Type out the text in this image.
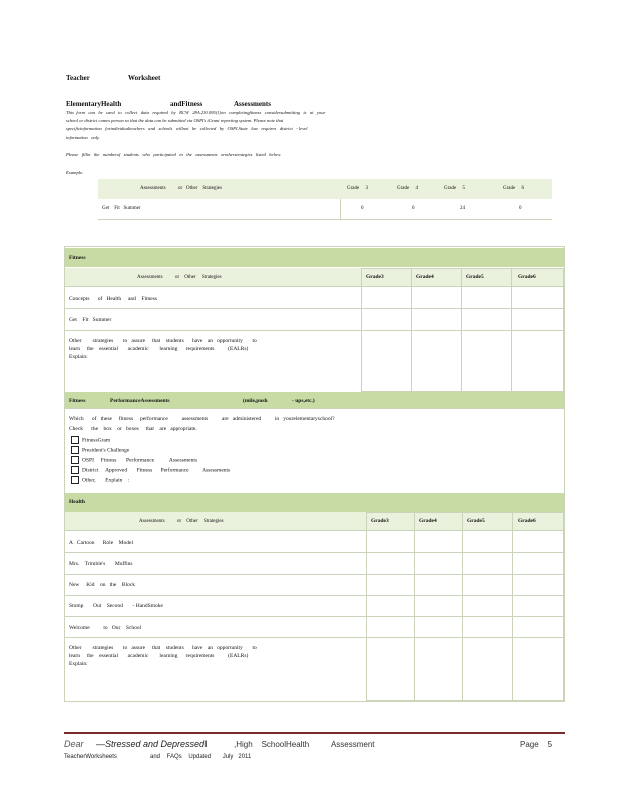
Teacher	Worksheet
ElementaryHealth	andFitness	Assessments
This  form   can   be   used   to   collect   data   required   by   RCW   28A.230.095(1)on   completingfitness   considersubmitting   is   at   your
school or district comes person so that the data can be submitted via OSPI's iGrant reporting system. Please note that
specificinformation   forindividualteachers   and   schools   willnot   be   collected   by   OSPI.State   law   requires   district   - level
information   only.
Please   fillin   the   numberof   students   who   participated   in   the   assessments   orotherstrategies   listed   below.
Example:
Assessments          or   Other    Strategies	Grade     3	Grade     4	Grade     5	Grade     6
Get    Fit   Summer	0	0	24	0
Fitness
Assessments          or    Other     Strategies	Grade3	Grade4	Grade5	Grade6
Concepts      of   Health     and    Fitness
Get    Fit   Summer
Other        strategies       to   assure     that    students      have    an   opportunity       to
learn     the    essential       academic        learning      requirements          (EALRs)
Explain:
Fitness	PerformanceAssessments	(mile,push	- ups,etc.)
Which      of   these     fitness     performance          assessments          are   administered          in   yourelementaryschool?
Check      the    box    or   boxes     that    are   appropriate.
FitnessGram
President's Challenge
OSPI     Fitness       Performance           Assessments
District     Approved       Fitness      Performance          Assessments
Other,       Explain    :
Health
Assessments          or    Other     Strategies	Grade3	Grade4	Grade5	Grade6
A   Cartoon      Role    Model
Mrs.    Trimble's       Muffins
New     Kid    on   the    Block
Stomp       Out    Second       - HandSmoke
Welcome          to   Our    School
Other        strategies       to   assure     that    students      have    an   opportunity       to
learn     the    essential       academic        learning      requirements          (EALRs)
Explain:
Dear —Stressed and Depressed‖	,High    SchoolHealth          Assessment	Page    5
TeacherWorksheets	and    FAQs    Updated       July   2011
